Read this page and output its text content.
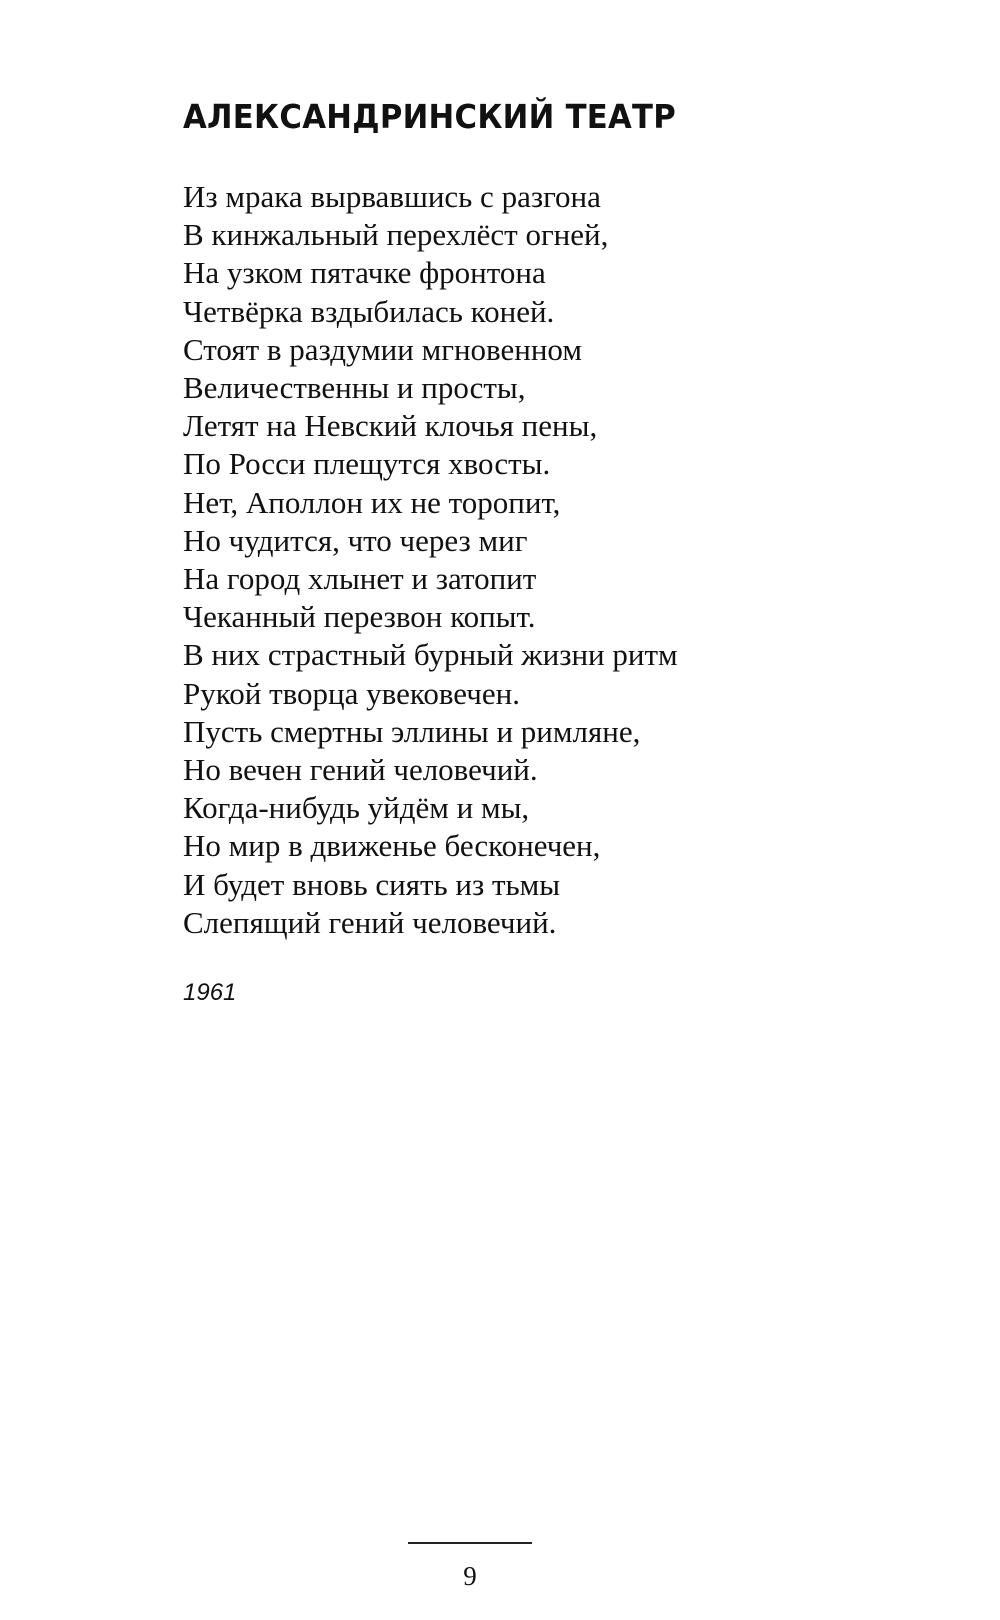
АЛЕКСАНДРИНСКИЙ ТЕАТР
Из мрака вырвавшись с разгона
В кинжальный перехлёст огней,
На узком пятачке фронтона
Четвёрка вздыбилась коней.
Стоят в раздумии мгновенном
Величественны и просты,
Летят на Невский клочья пены,
По Росси плещутся хвосты.
Нет, Аполлон их не торопит,
Но чудится, что через миг
На город хлынет и затопит
Чеканный перезвон копыт.
В них страстный бурный жизни ритм
Рукой творца увековечен.
Пусть смертны эллины и римляне,
Но вечен гений человечий.
Когда-нибудь уйдём и мы,
Но мир в движенье бесконечен,
И будет вновь сиять из тьмы
Слепящий гений человечий.
1961
9
